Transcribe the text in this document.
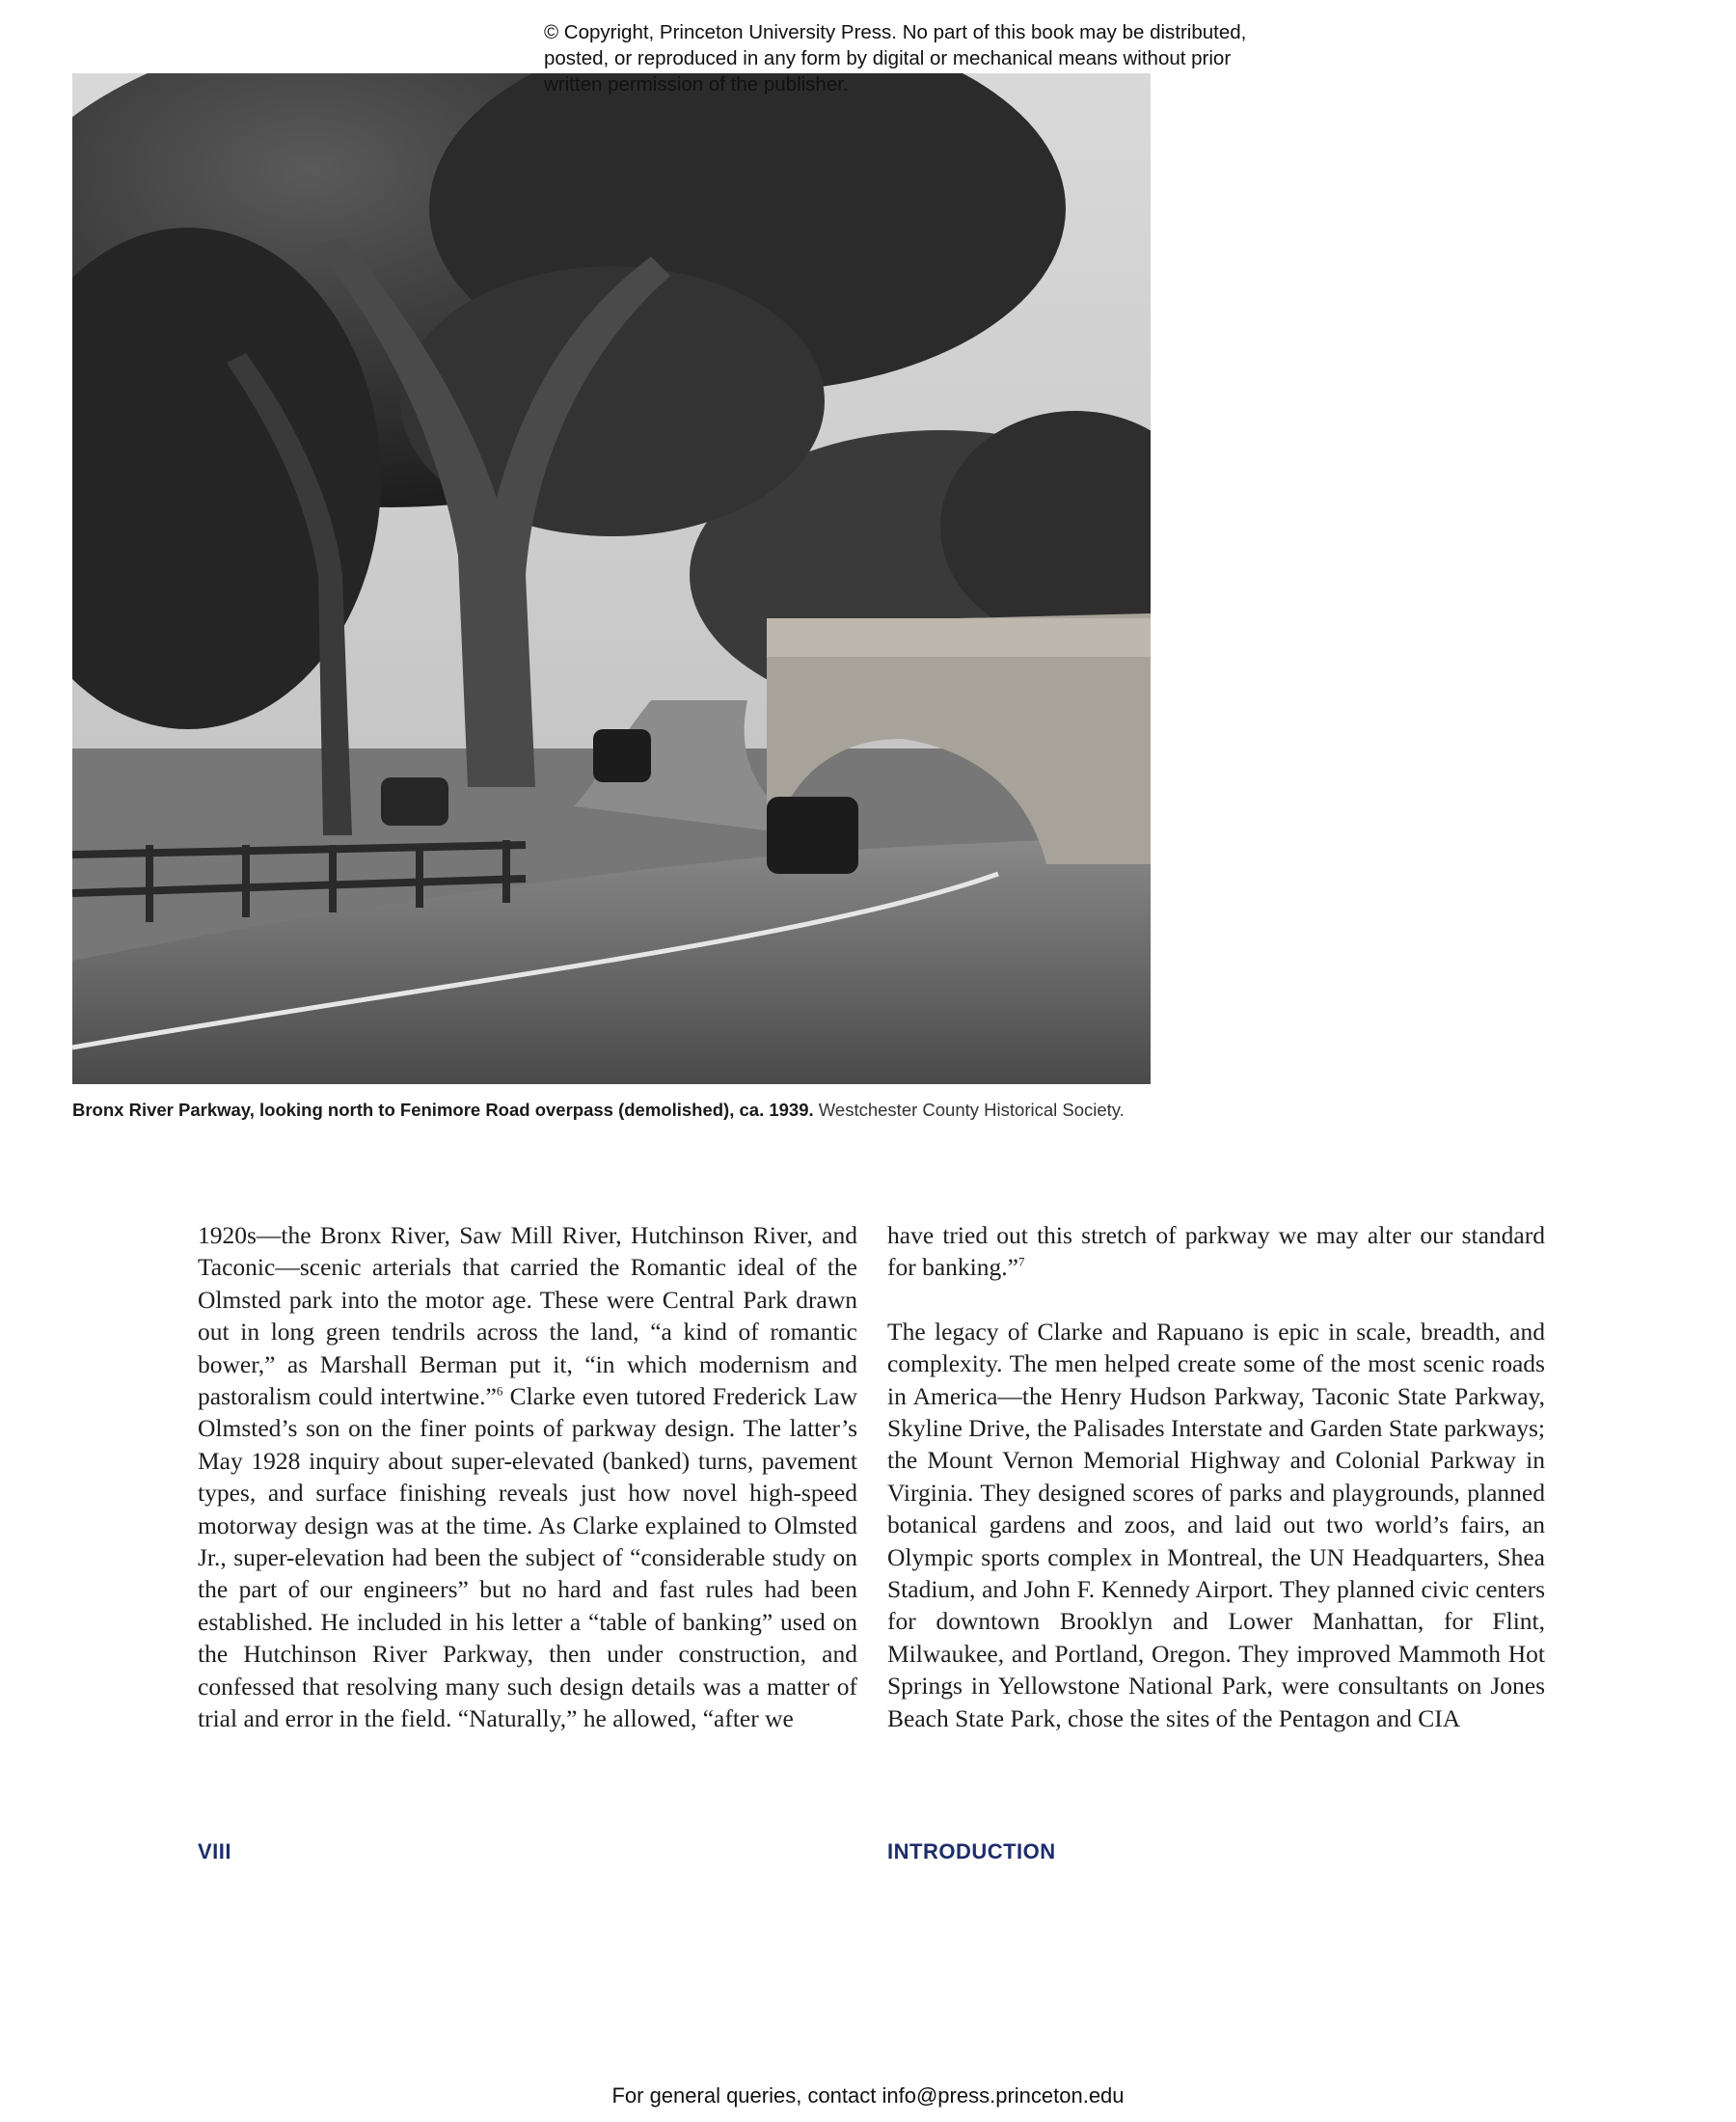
© Copyright, Princeton University Press. No part of this book may be distributed, posted, or reproduced in any form by digital or mechanical means without prior written permission of the publisher.
Bronx River Parkway, looking north to Fenimore Road overpass (demolished), ca. 1939. Westchester County Historical Society.

1920s—the Bronx River, Saw Mill River, Hutchinson River, and Taconic—scenic arterials that carried the Romantic ideal of the Olmsted park into the motor age. These were Central Park drawn out in long green tendrils across the land, “a kind of romantic bower,” as Marshall Berman put it, “in which modernism and pastoralism could intertwine.”$^6$ Clarke even tutored Frederick Law Olmsted’s son on the finer points of parkway design. The latter’s May 1928 inquiry about super-elevated (banked) turns, pavement types, and surface finishing reveals just how novel high-speed motorway design was at the time. As Clarke explained to Olmsted Jr., super-elevation had been the subject of “considerable study on the part of our engineers” but no hard and fast rules had been established. He included in his letter a “table of banking” used on the Hutchinson River Parkway, then under construction, and confessed that resolving many such design details was a matter of trial and error in the field. “Naturally,” he allowed, “after we

have tried out this stretch of parkway we may alter our standard for banking.”$^7$

The legacy of Clarke and Rapuano is epic in scale, breadth, and complexity. The men helped create some of the most scenic roads in America—the Henry Hudson Parkway, Taconic State Parkway, Skyline Drive, the Palisades Interstate and Garden State parkways; the Mount Vernon Memorial Highway and Colonial Parkway in Virginia. They designed scores of parks and playgrounds, planned botanical gardens and zoos, and laid out two world’s fairs, an Olympic sports complex in Montreal, the UN Headquarters, Shea Stadium, and John F. Kennedy Airport. They planned civic centers for downtown Brooklyn and Lower Manhattan, for Flint, Milwaukee, and Portland, Oregon. They improved Mammoth Hot Springs in Yellowstone National Park, were consultants on Jones Beach State Park, chose the sites of the Pentagon and CIA

VIII	INTRODUCTION
For general queries, contact info@press.princeton.edu
